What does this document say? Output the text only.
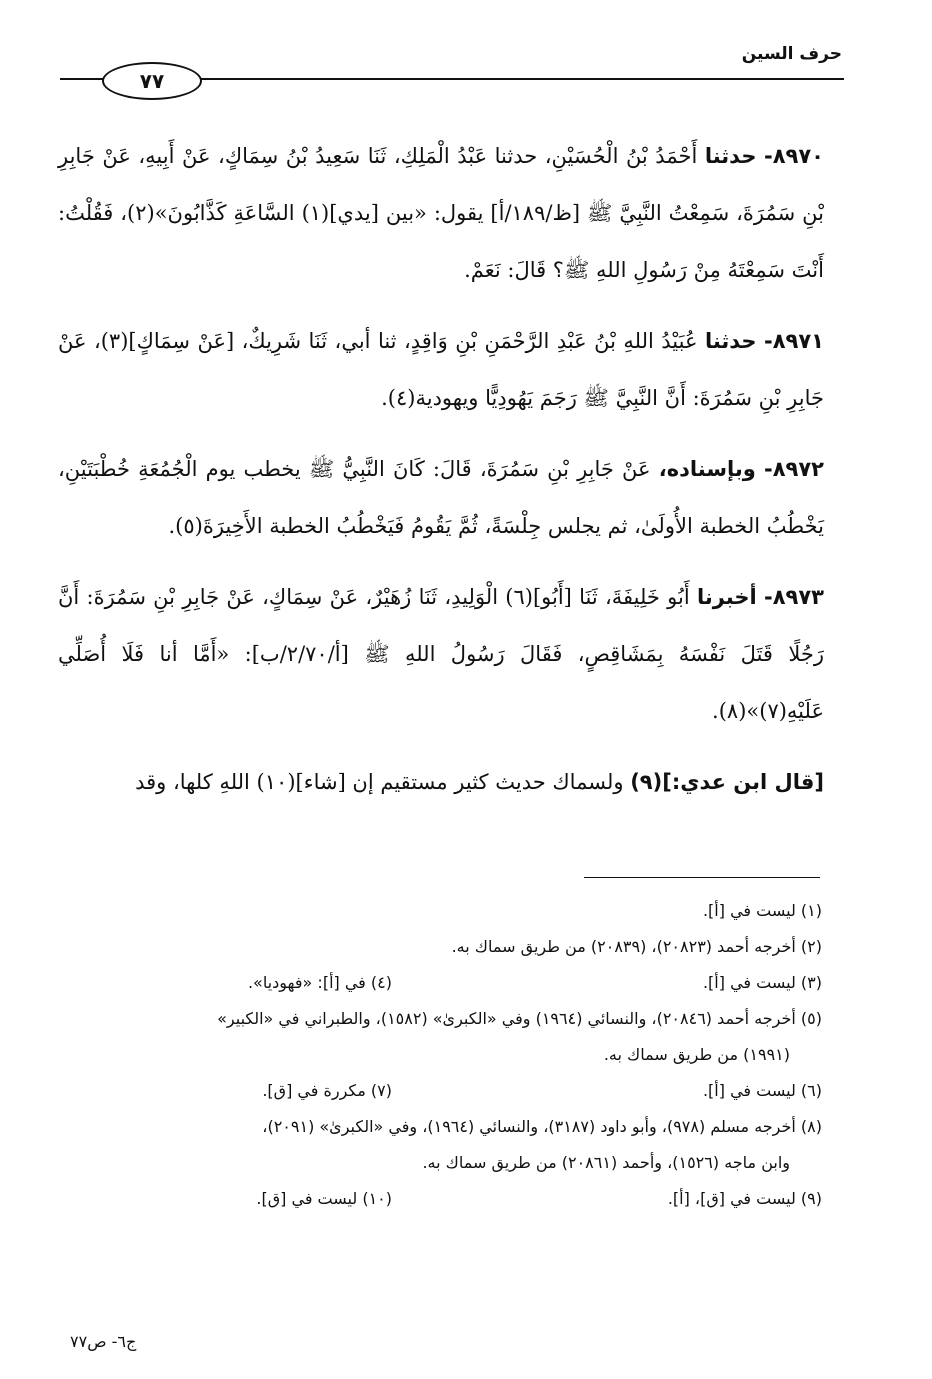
حرف السين
٧٧

٨٩٧٠- حدثنا أَحْمَدُ بْنُ الْحُسَيْنِ، حدثنا عَبْدُ الْمَلِكِ، ثَنَا سَعِيدُ بْنُ سِمَاكٍ، عَنْ أَبِيهِ، عَنْ جَابِرِ بْنِ سَمُرَةَ، سَمِعْتُ النَّبِيَّ ﷺ [ظ/١٨٩/أ] يقول: «بين [يدي](١) السَّاعَةِ كَذَّابُونَ»(٢)، فَقُلْتُ: أَنْتَ سَمِعْتَهُ مِنْ رَسُولِ اللهِ ﷺ؟ قَالَ: نَعَمْ.

٨٩٧١- حدثنا عُبَيْدُ اللهِ بْنُ عَبْدِ الرَّحْمَنِ بْنِ وَاقِدٍ، ثنا أبي، ثَنَا شَرِيكٌ، [عَنْ سِمَاكٍ](٣)، عَنْ جَابِرِ بْنِ سَمُرَةَ: أَنَّ النَّبِيَّ ﷺ رَجَمَ يَهُودِيًّا ويهودية(٤).

٨٩٧٢- وبإسناده، عَنْ جَابِرِ بْنِ سَمُرَةَ، قَالَ: كَانَ النَّبِيُّ ﷺ يخطب يوم الْجُمُعَةِ خُطْبَتَيْنِ، يَخْطُبُ الخطبة الأُولَىٰ، ثم يجلس جِلْسَةً، ثُمَّ يَقُومُ فَيَخْطُبُ الخطبة الأَخِيرَةَ(٥).

٨٩٧٣- أخبرنا أَبُو خَلِيفَةَ، ثَنَا [أَبُو](٦) الْوَلِيدِ، ثَنَا زُهَيْرٌ، عَنْ سِمَاكٍ، عَنْ جَابِرِ بْنِ سَمُرَةَ: أَنَّ رَجُلًا قَتَلَ نَفْسَهُ بِمَشَاقِصٍ، فَقَالَ رَسُولُ اللهِ ﷺ [أ/٢/٧٠/ب]: «أَمَّا أنا فَلَا أُصَلِّي عَلَيْهِ(٧)»(٨).

[قال ابن عدي:](٩) ولسماك حديث كثير مستقيم إن [شاء](١٠) اللهِ كلها، وقد

(١) ليست في [أ].
(٢) أخرجه أحمد (٢٠٨٢٣)، (٢٠٨٣٩) من طريق سماك به.
(٣) ليست في [أ].
(٤) في [أ]: «فهوديا».
(٥) أخرجه أحمد (٢٠٨٤٦)، والنسائي (١٩٦٤) وفي «الكبرىٰ» (١٥٨٢)، والطبراني في «الكبير»
(١٩٩١) من طريق سماك به.
(٦) ليست في [أ].
(٧) مكررة في [ق].
(٨) أخرجه مسلم (٩٧٨)، وأبو داود (٣١٨٧)، والنسائي (١٩٦٤)، وفي «الكبرىٰ» (٢٠٩١)،
وابن ماجه (١٥٢٦)، وأحمد (٢٠٨٦١) من طريق سماك به.
(٩) ليست في [ق]، [أ].
(١٠) ليست في [ق].
ج٦- ص٧٧
